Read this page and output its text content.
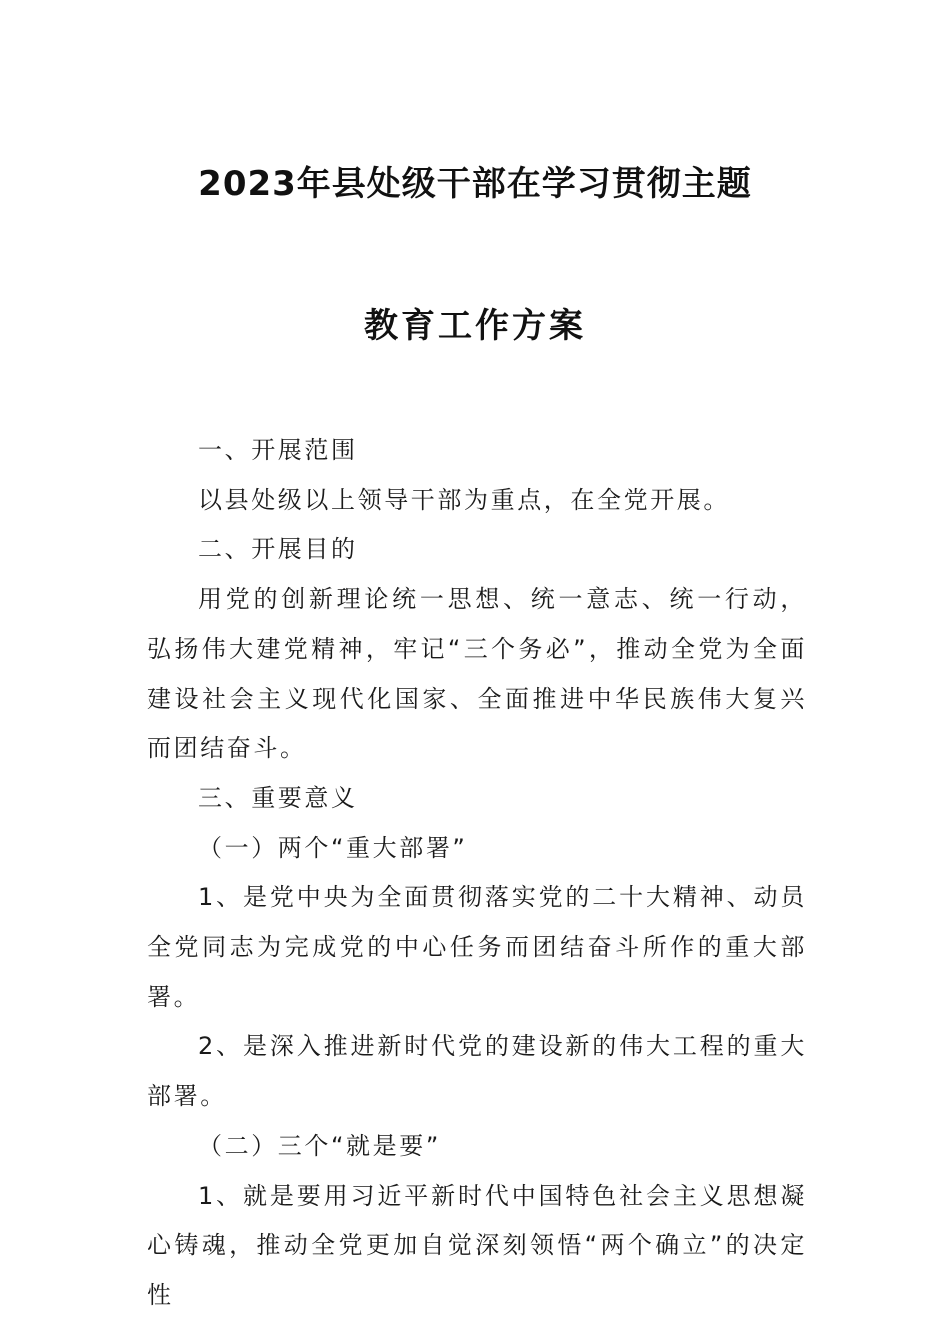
2023年县处级干部在学习贯彻主题
教育工作方案

一、开展范围

以县处级以上领导干部为重点，在全党开展。

二、开展目的

用党的创新理论统一思想、统一意志、统一行动，弘扬伟大建党精神，牢记“三个务必”，推动全党为全面建设社会主义现代化国家、全面推进中华民族伟大复兴而团结奋斗。

三、重要意义

（一）两个“重大部署”

1、是党中央为全面贯彻落实党的二十大精神、动员全党同志为完成党的中心任务而团结奋斗所作的重大部署。

2、是深入推进新时代党的建设新的伟大工程的重大部署。

（二）三个“就是要”

1、就是要用习近平新时代中国特色社会主义思想凝心铸魂，推动全党更加自觉深刻领悟“两个确立”的决定性
